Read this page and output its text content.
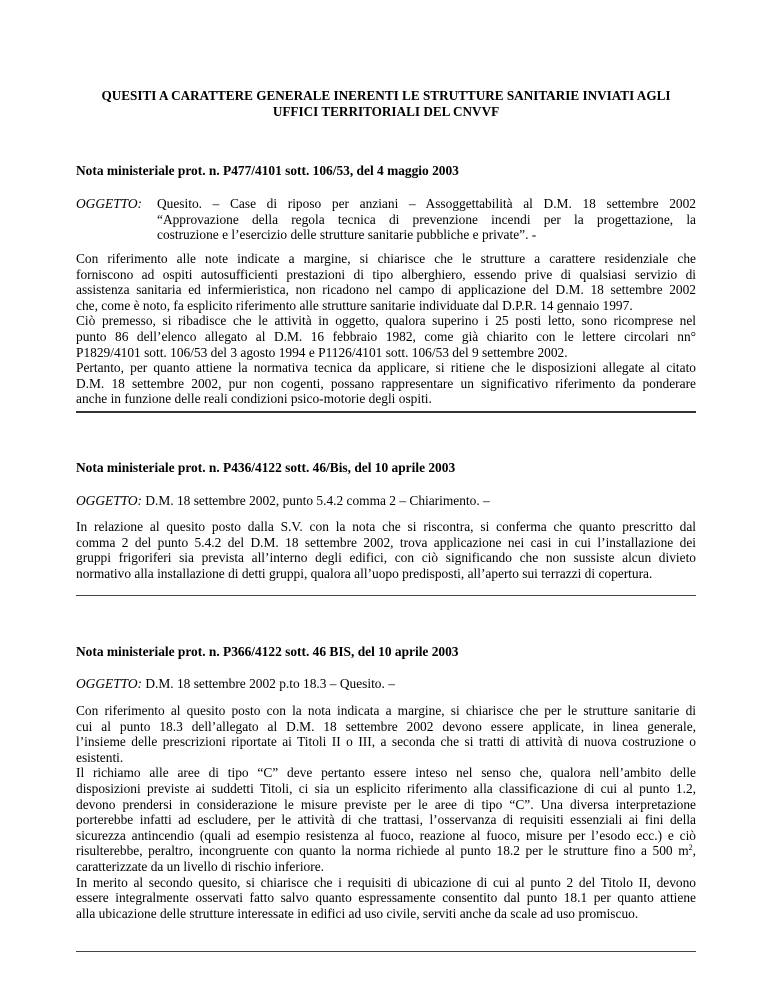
QUESITI A CARATTERE GENERALE INERENTI LE STRUTTURE SANITARIE INVIATI AGLI
UFFICI TERRITORIALI DEL CNVVF
Nota ministeriale prot. n. P477/4101 sott. 106/53, del 4 maggio 2003
OGGETTO: Quesito. – Case di riposo per anziani – Assoggettabilità al D.M. 18 settembre 2002
“Approvazione della regola tecnica di prevenzione incendi per la progettazione, la
costruzione e l’esercizio delle strutture sanitarie pubbliche e private”. -
Con riferimento alle note indicate a margine, si chiarisce che le strutture a carattere residenziale che
forniscono ad ospiti autosufficienti prestazioni di tipo alberghiero, essendo prive di qualsiasi servizio di
assistenza sanitaria ed infermieristica, non ricadono nel campo di applicazione del D.M. 18 settembre 2002
che, come è noto, fa esplicito riferimento alle strutture sanitarie individuate dal D.P.R. 14 gennaio 1997.
Ciò premesso, si ribadisce che le attività in oggetto, qualora superino i 25 posti letto, sono ricomprese nel
punto 86 dell’elenco allegato al D.M. 16 febbraio 1982, come già chiarito con le lettere circolari nn°
P1829/4101 sott. 106/53 del 3 agosto 1994 e P1126/4101 sott. 106/53 del 9 settembre 2002.
Pertanto, per quanto attiene la normativa tecnica da applicare, si ritiene che le disposizioni allegate al citato
D.M. 18 settembre 2002, pur non cogenti, possano rappresentare un significativo riferimento da ponderare
anche in funzione delle reali condizioni psico-motorie degli ospiti.
Nota ministeriale prot. n. P436/4122 sott. 46/Bis, del 10 aprile 2003
OGGETTO: D.M. 18 settembre 2002, punto 5.4.2 comma 2 – Chiarimento. –
In relazione al quesito posto dalla S.V. con la nota che si riscontra, si conferma che quanto prescritto dal
comma 2 del punto 5.4.2 del D.M. 18 settembre 2002, trova applicazione nei casi in cui l’installazione dei
gruppi frigoriferi sia prevista all’interno degli edifici, con ciò significando che non sussiste alcun divieto
normativo alla installazione di detti gruppi, qualora all’uopo predisposti, all’aperto sui terrazzi di copertura.
Nota ministeriale prot. n. P366/4122 sott. 46 BIS, del 10 aprile 2003
OGGETTO: D.M. 18 settembre 2002 p.to 18.3 – Quesito. –
Con riferimento al quesito posto con la nota indicata a margine, si chiarisce che per le strutture sanitarie di
cui al punto 18.3 dell’allegato al D.M. 18 settembre 2002 devono essere applicate, in linea generale,
l’insieme delle prescrizioni riportate ai Titoli II o III, a seconda che si tratti di attività di nuova costruzione o
esistenti.
Il richiamo alle aree di tipo “C” deve pertanto essere inteso nel senso che, qualora nell’ambito delle
disposizioni previste ai suddetti Titoli, ci sia un esplicito riferimento alla classificazione di cui al punto 1.2,
devono prendersi in considerazione le misure previste per le aree di tipo “C”. Una diversa interpretazione
porterebbe infatti ad escludere, per le attività di che trattasi, l’osservanza di requisiti essenziali ai fini della
sicurezza antincendio (quali ad esempio resistenza al fuoco, reazione al fuoco, misure per l’esodo ecc.) e ciò
risulterebbe, peraltro, incongruente con quanto la norma richiede al punto 18.2 per le strutture fino a 500 $m^2$,
caratterizzate da un livello di rischio inferiore.
In merito al secondo quesito, si chiarisce che i requisiti di ubicazione di cui al punto 2 del Titolo II, devono
essere integralmente osservati fatto salvo quanto espressamente consentito dal punto 18.1 per quanto attiene
alla ubicazione delle strutture interessate in edifici ad uso civile, serviti anche da scale ad uso promiscuo.
